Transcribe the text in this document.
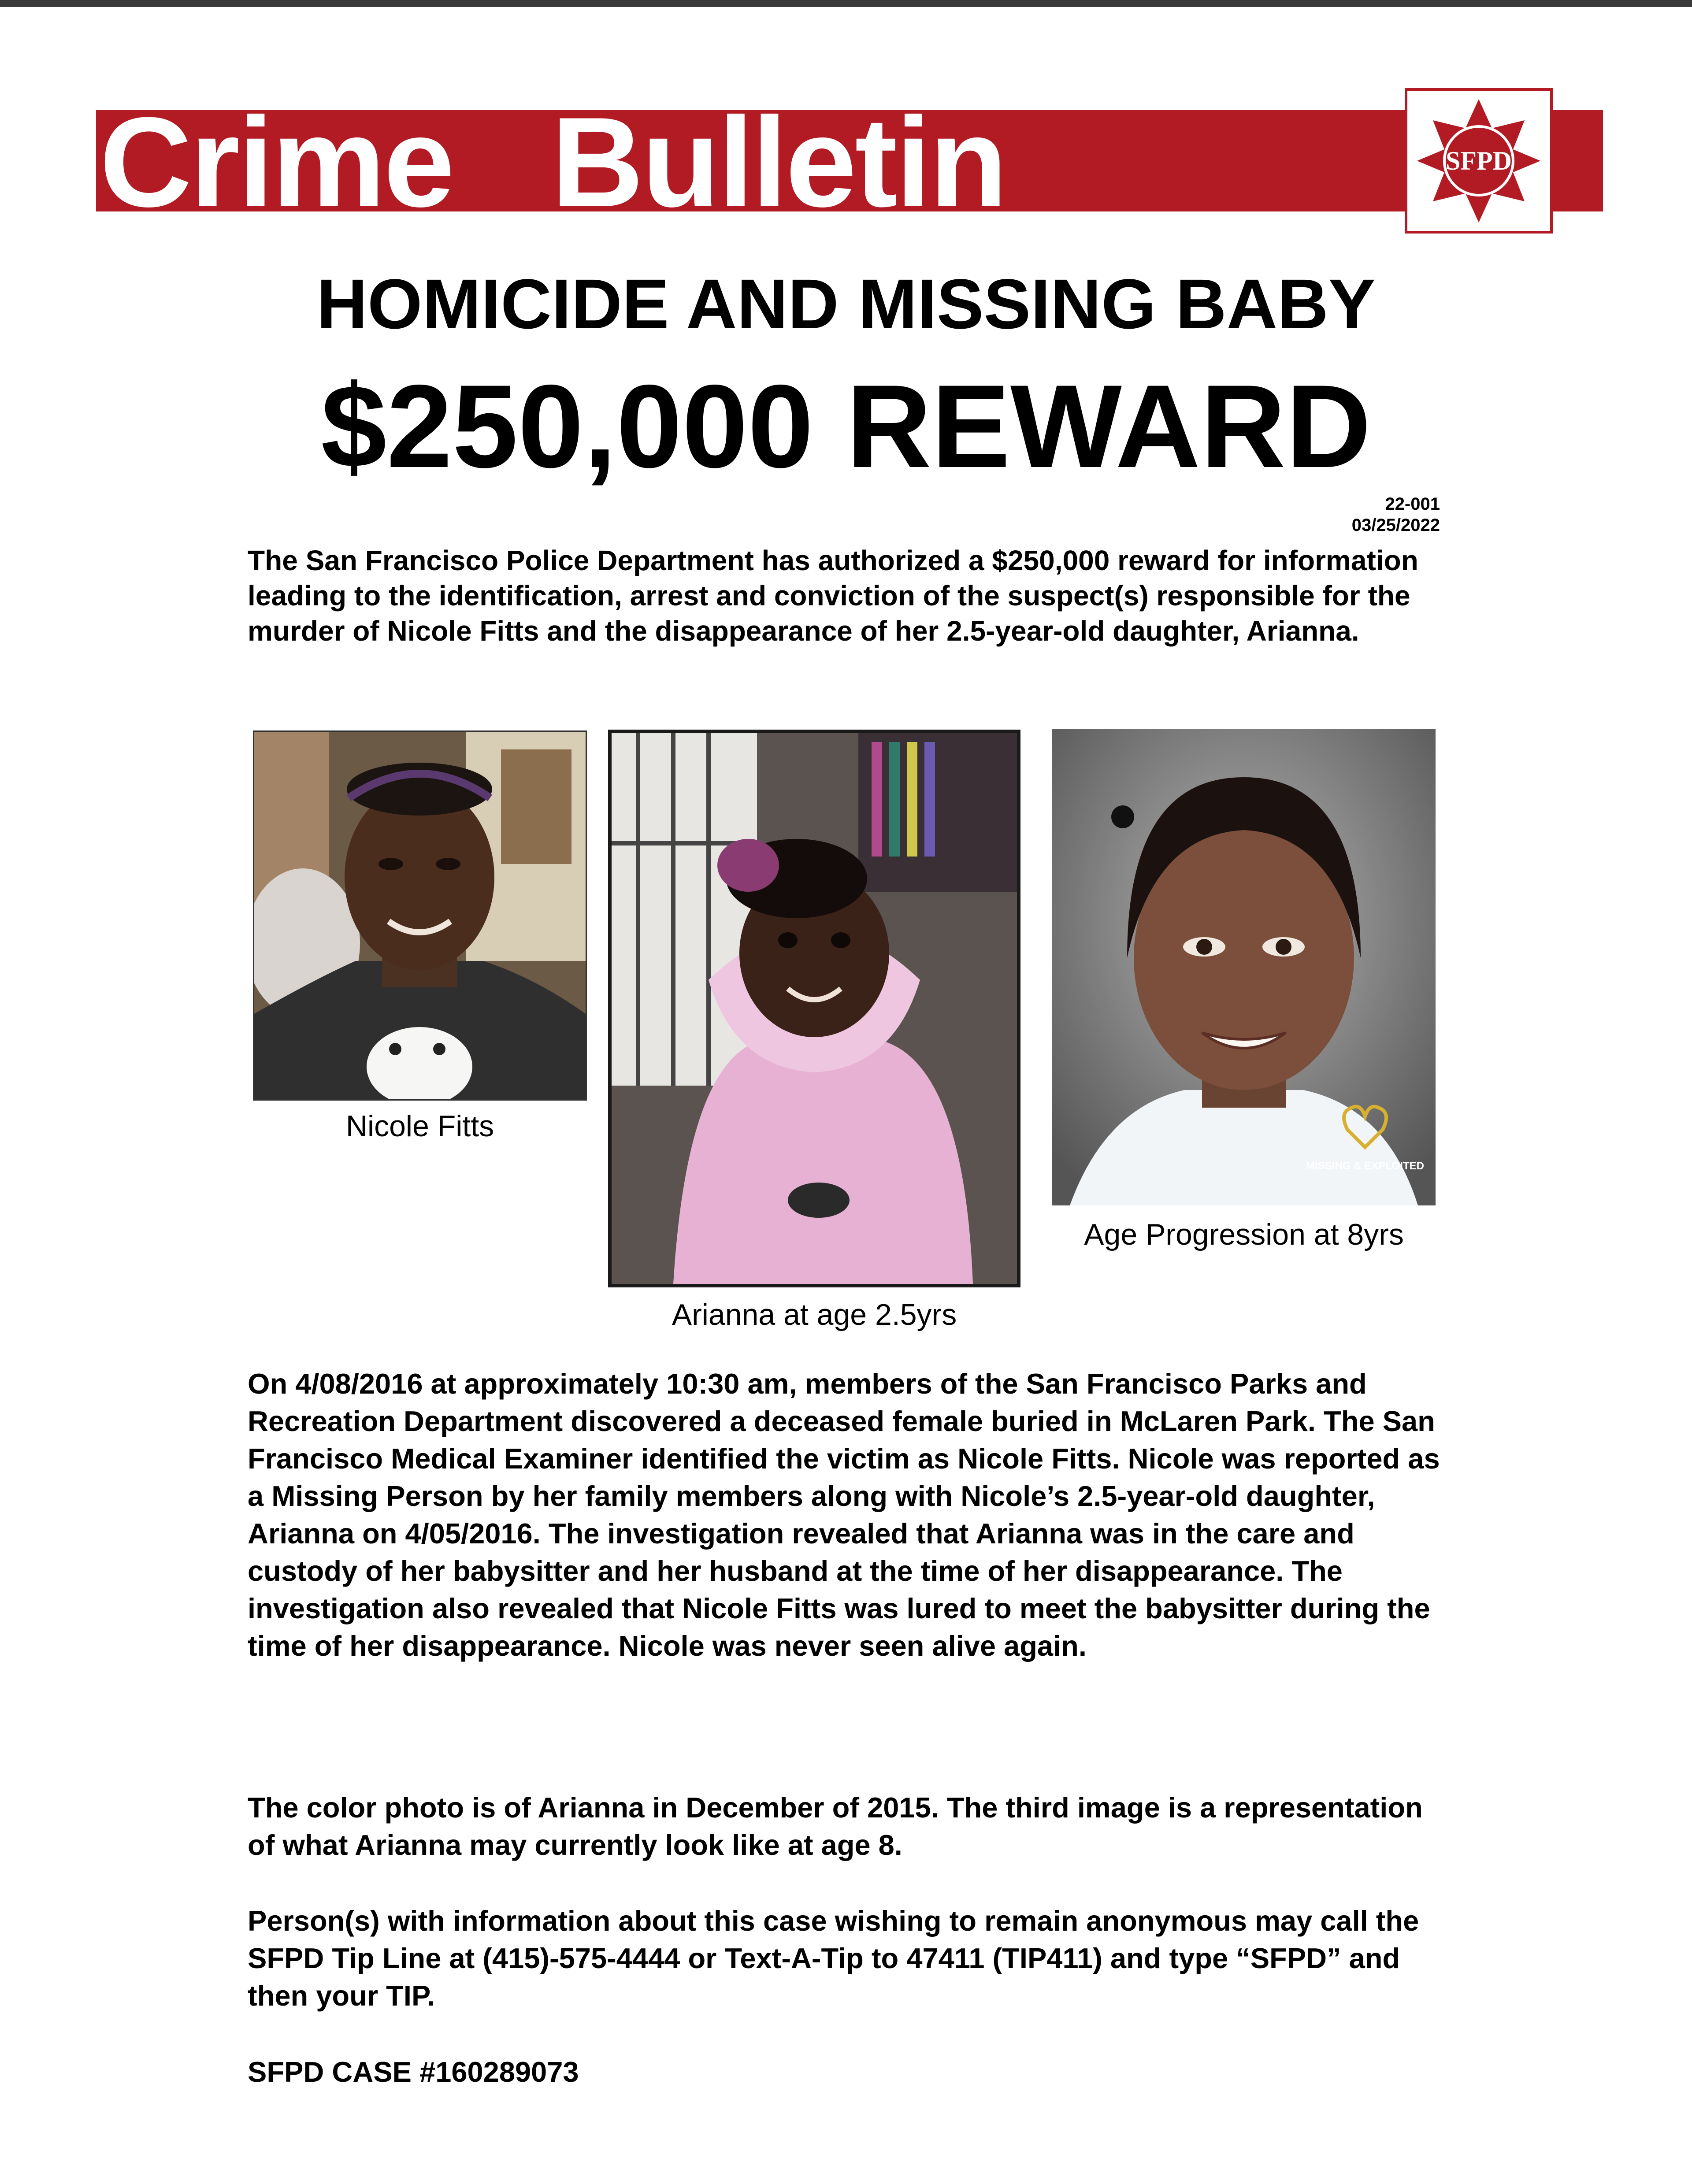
Crime Bulletin	SFPD
HOMICIDE AND MISSING BABY
$250,000 REWARD
22-001
03/25/2022
The San Francisco Police Department has authorized a $250,000 reward for information leading to the identification, arrest and conviction of the suspect(s) responsible for the murder of Nicole Fitts and the disappearance of her 2.5-year-old daughter, Arianna.
Nicole Fitts
Arianna at age 2.5yrs
MISSING & EXPLOITED
Age Progression at 8yrs
On 4/08/2016 at approximately 10:30 am, members of the San Francisco Parks and Recreation Department discovered a deceased female buried in McLaren Park. The San Francisco Medical Examiner identified the victim as Nicole Fitts. Nicole was reported as a Missing Person by her family members along with Nicole’s 2.5-year-old daughter, Arianna on 4/05/2016. The investigation revealed that Arianna was in the care and custody of her babysitter and her husband at the time of her disappearance. The investigation also revealed that Nicole Fitts was lured to meet the babysitter during the time of her disappearance. Nicole was never seen alive again.
The color photo is of Arianna in December of 2015. The third image is a representation of what Arianna may currently look like at age 8.
Person(s) with information about this case wishing to remain anonymous may call the SFPD Tip Line at (415)-575-4444 or Text-A-Tip to 47411 (TIP411) and type “SFPD” and then your TIP.
SFPD CASE #160289073
